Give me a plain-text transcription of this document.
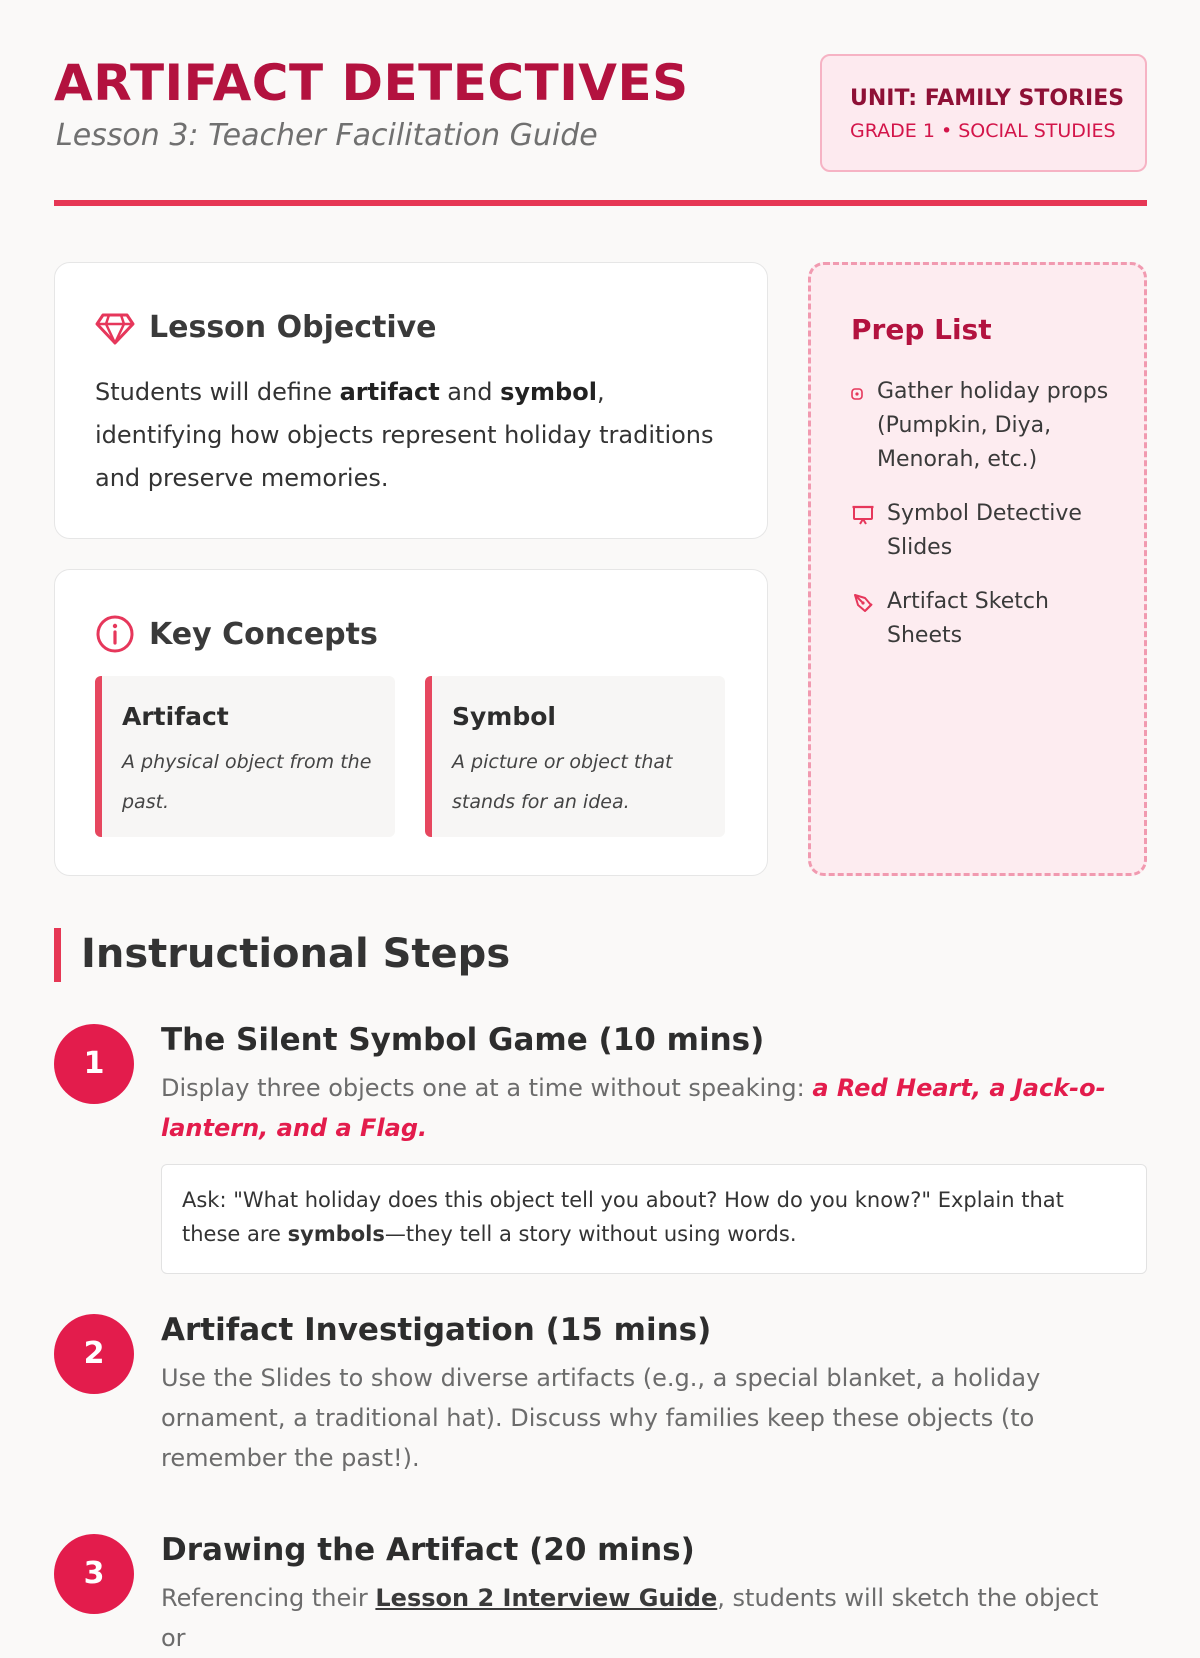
ARTIFACT DETECTIVES
Lesson 3: Teacher Facilitation Guide
UNIT: FAMILY STORIES
GRADE 1 • SOCIAL STUDIES
Lesson Objective
Students will define artifact and symbol, identifying how objects represent holiday traditions and preserve memories.
Key Concepts
Artifact
A physical object from the past.
Symbol
A picture or object that stands for an idea.
Prep List
Gather holiday props (Pumpkin, Diya, Menorah, etc.)
Symbol Detective Slides
Artifact Sketch Sheets
Instructional Steps
1
The Silent Symbol Game (10 mins)
Display three objects one at a time without speaking: a Red Heart, a Jack-o-lantern, and a Flag.
Ask: "What holiday does this object tell you about? How do you know?" Explain that these are symbols—they tell a story without using words.
2
Artifact Investigation (15 mins)
Use the Slides to show diverse artifacts (e.g., a special blanket, a holiday ornament, a traditional hat). Discuss why families keep these objects (to remember the past!).
3
Drawing the Artifact (20 mins)
Referencing their Lesson 2 Interview Guide, students will sketch the object or
